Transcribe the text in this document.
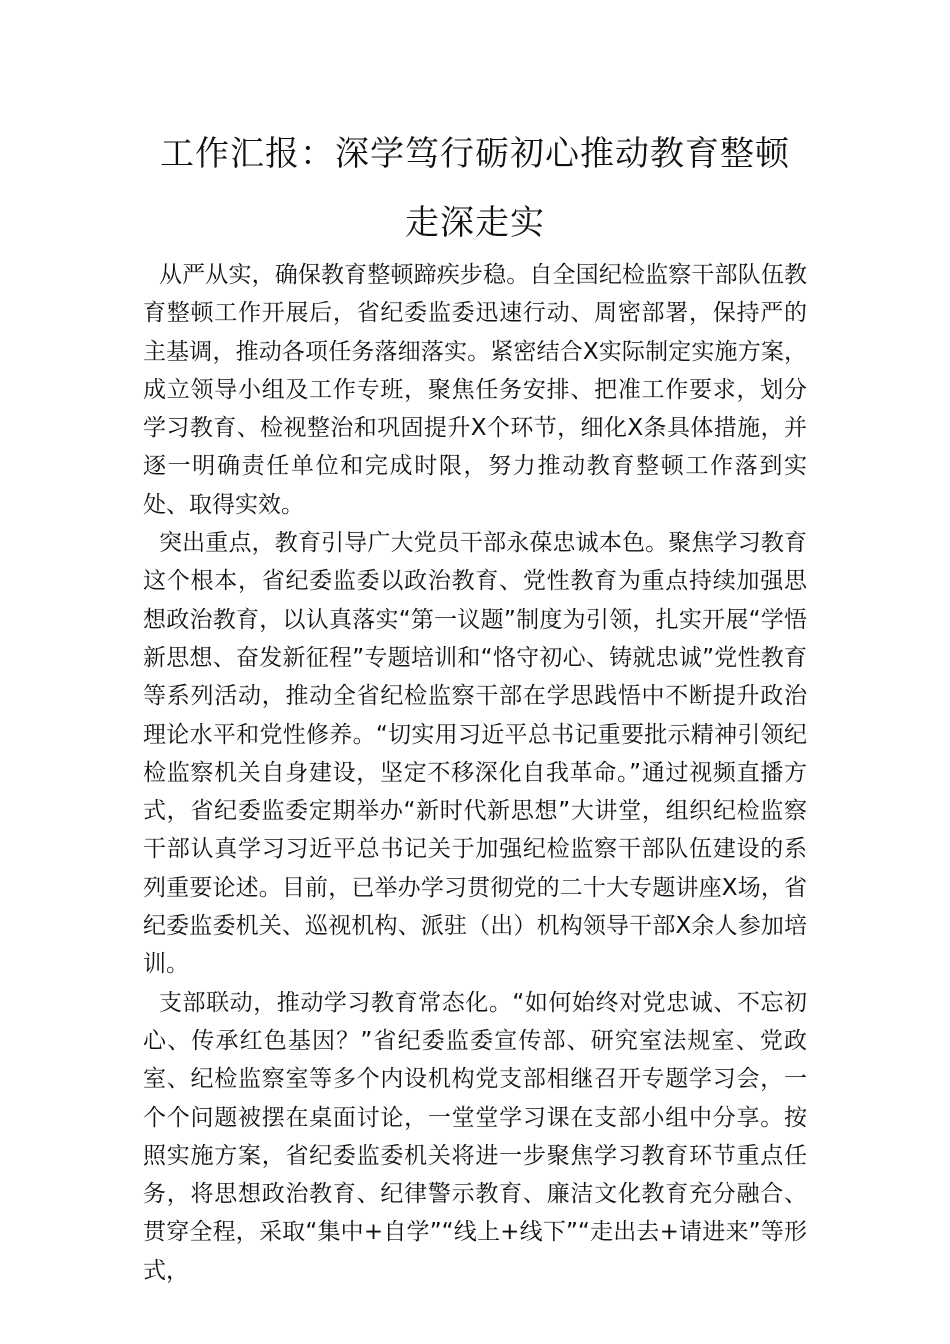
工作汇报：深学笃行砺初心推动教育整顿
走深走实

从严从实，确保教育整顿蹄疾步稳。自全国纪检监察干部队伍教育整顿工作开展后，省纪委监委迅速行动、周密部署，保持严的主基调，推动各项任务落细落实。紧密结合X实际制定实施方案，成立领导小组及工作专班，聚焦任务安排、把准工作要求，划分学习教育、检视整治和巩固提升X个环节，细化X条具体措施，并逐一明确责任单位和完成时限，努力推动教育整顿工作落到实处、取得实效。

突出重点，教育引导广大党员干部永葆忠诚本色。聚焦学习教育这个根本，省纪委监委以政治教育、党性教育为重点持续加强思想政治教育，以认真落实“第一议题”制度为引领，扎实开展“学悟新思想、奋发新征程”专题培训和“恪守初心、铸就忠诚”党性教育等系列活动，推动全省纪检监察干部在学思践悟中不断提升政治理论水平和党性修养。“切实用习近平总书记重要批示精神引领纪检监察机关自身建设，坚定不移深化自我革命。”通过视频直播方式，省纪委监委定期举办“新时代新思想”大讲堂，组织纪检监察干部认真学习习近平总书记关于加强纪检监察干部队伍建设的系列重要论述。目前，已举办学习贯彻党的二十大专题讲座X场，省纪委监委机关、巡视机构、派驻（出）机构领导干部X余人参加培训。

支部联动，推动学习教育常态化。“如何始终对党忠诚、不忘初心、传承红色基因？”省纪委监委宣传部、研究室法规室、党政室、纪检监察室等多个内设机构党支部相继召开专题学习会，一个个问题被摆在桌面讨论，一堂堂学习课在支部小组中分享。按照实施方案，省纪委监委机关将进一步聚焦学习教育环节重点任务，将思想政治教育、纪律警示教育、廉洁文化教育充分融合、贯穿全程，采取“集中+自学”“线上+线下”“走出去+请进来”等形式，
